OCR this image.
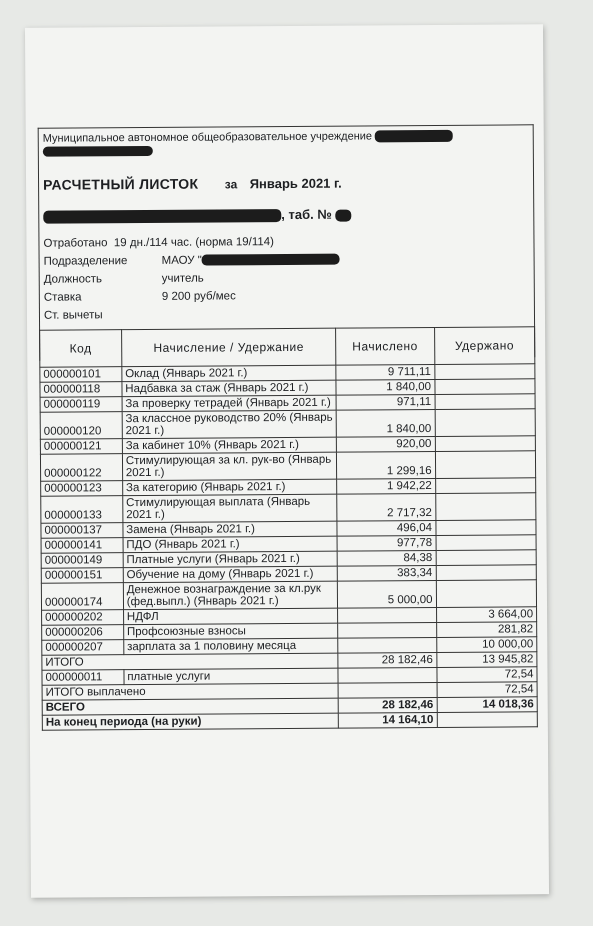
Муниципальное автономное общеобразовательное учреждение

РАСЧЕТНЫЙ ЛИСТОК за Январь 2021 г.
, таб. №
Отработано 19 дн./114 час. (норма 19/114)
Подразделение	МАОУ "
Должность	учитель
Ставка	9 200 руб/мес
Ст. вычеты
Код	Начисление / Удержание	Начислено	Удержано
000000101	Оклад (Январь 2021 г.)	9 711,11	
000000118	Надбавка за стаж (Январь 2021 г.)	1 840,00	
000000119	За проверку тетрадей (Январь 2021 г.)	971,11	
000000120	За классное руководство 20% (Январь 2021 г.)	1 840,00	
000000121	За кабинет 10% (Январь 2021 г.)	920,00	
000000122	Стимулирующая за кл. рук-во (Январь 2021 г.)	1 299,16	
000000123	За категорию (Январь 2021 г.)	1 942,22	
000000133	Стимулирующая выплата (Январь 2021 г.)	2 717,32	
000000137	Замена (Январь 2021 г.)	496,04	
000000141	ПДО (Январь 2021 г.)	977,78	
000000149	Платные услуги (Январь 2021 г.)	84,38	
000000151	Обучение на дому (Январь 2021 г.)	383,34	
000000174	Денежное вознаграждение за кл.рук (фед.выпл.) (Январь 2021 г.)	5 000,00	
000000202	НДФЛ		3 664,00
000000206	Профсоюзные взносы		281,82
000000207	зарплата за 1 половину месяца		10 000,00
ИТОГО		28 182,46	13 945,82
000000011	платные услуги		72,54
ИТОГО выплачено			72,54
ВСЕГО		28 182,46	14 018,36
На конец периода (на руки)		14 164,10	
